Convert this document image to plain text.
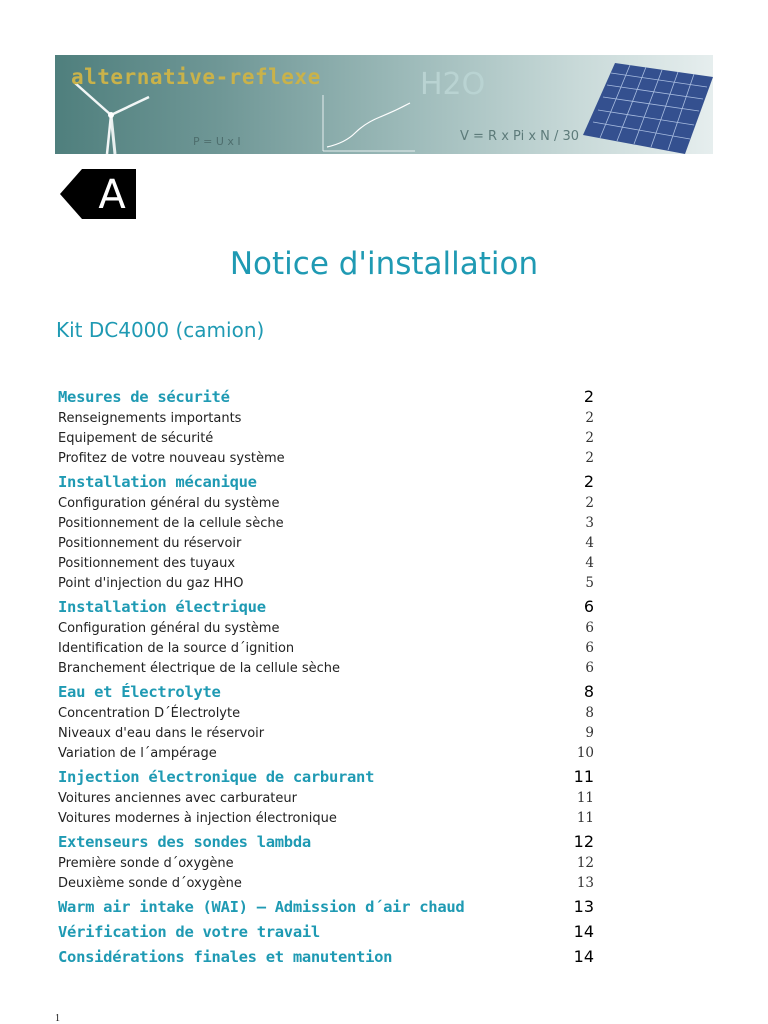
alternative-reflexe	H2O
P = U x I	V = R x Pi x N / 30
A
Notice d'installation
Kit DC4000 (camion)
Mesures de sécurité	2
Renseignements importants	2
Equipement de sécurité	2
Profitez de votre nouveau système	2
Installation mécanique	2
Configuration général du système	2
Positionnement de la cellule sèche	3
Positionnement du réservoir	4
Positionnement des tuyaux	4
Point d'injection du gaz HHO	5
Installation électrique	6
Configuration général du système	6
Identification de la source d´ignition	6
Branchement électrique de la cellule sèche	6
Eau et Électrolyte	8
Concentration D´Électrolyte	8
Niveaux d'eau dans le réservoir	9
Variation de l´ampérage	10
Injection électronique de carburant	11
Voitures anciennes avec carburateur	11
Voitures modernes à injection électronique	11
Extenseurs des sondes lambda	12
Première sonde d´oxygène	12
Deuxième sonde d´oxygène	13
Warm air intake (WAI) – Admission d´air chaud	13
Vérification de votre travail	14
Considérations finales et manutention	14
1
